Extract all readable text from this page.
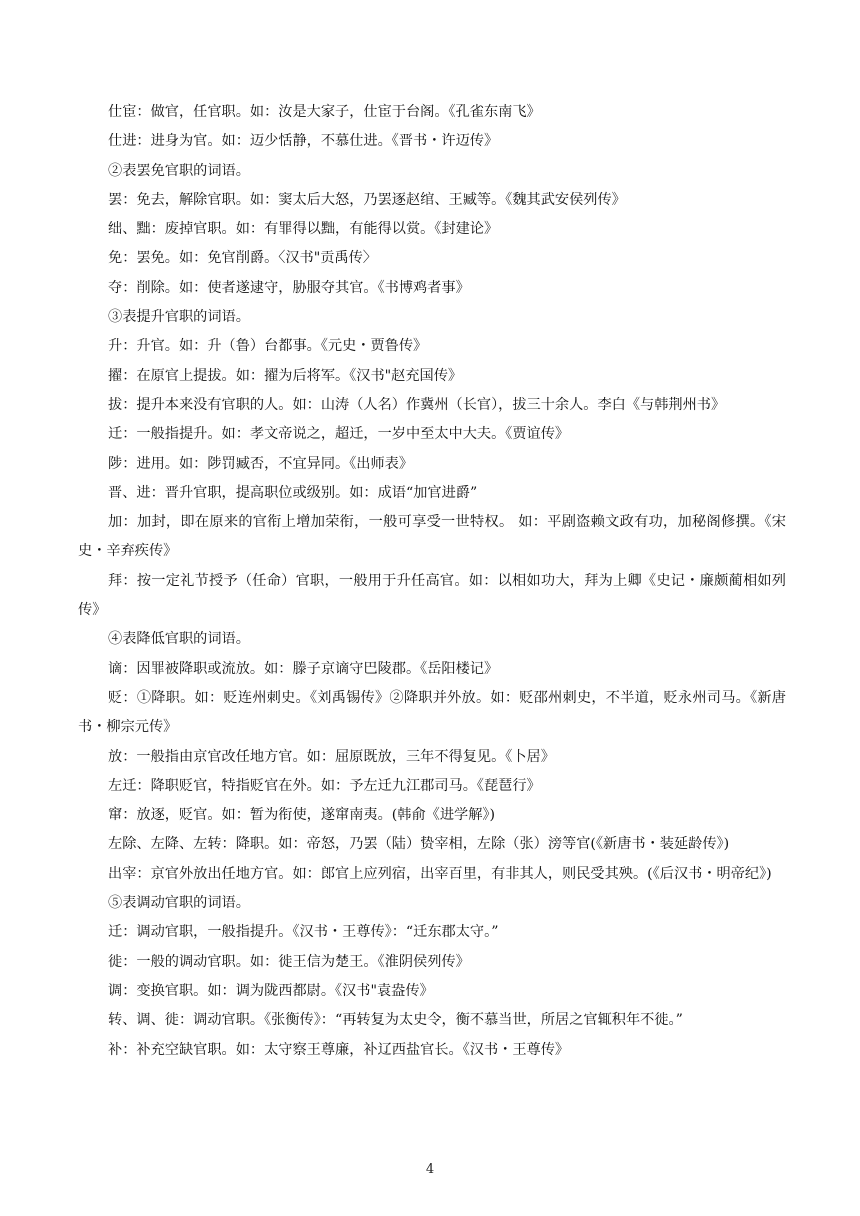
仕宦：做官，任官职。如：汝是大家子，仕宦于台阁。《孔雀东南飞》

仕进：进身为官。如：迈少恬静，不慕仕进。《晋书・许迈传》

②表罢免官职的词语。

罢：免去，解除官职。如：窦太后大怒，乃罢逐赵绾、王臧等。《魏其武安侯列传》

绌、黜：废掉官职。如：有罪得以黜，有能得以赏。《封建论》

免：罢免。如：免官削爵。〈汉书"贡禹传〉

夺：削除。如：使者遂逮守，胁服夺其官。《书博鸡者事》

③表提升官职的词语。

升：升官。如：升（鲁）台都事。《元史・贾鲁传》

擢：在原官上提拔。如：擢为后将军。《汉书"赵充国传》

拔：提升本来没有官职的人。如：山涛（人名）作冀州（长官），拔三十余人。李白《与韩荆州书》

迁：一般指提升。如：孝文帝说之，超迁，一岁中至太中大夫。《贾谊传》

陟：进用。如：陟罚臧否，不宜异同。《出师表》

晋、进：晋升官职，提高职位或级别。如：成语“加官进爵”

加：加封，即在原来的官衔上增加荣衔，一般可享受一世特权。 如：平剧盗赖文政有功，加秘阁修撰。《宋史・辛弃疾传》

拜：按一定礼节授予（任命）官职，一般用于升任高官。如：以相如功大，拜为上卿《史记・廉颇蔺相如列传》

④表降低官职的词语。

谪：因罪被降职或流放。如：滕子京谪守巴陵郡。《岳阳楼记》

贬：①降职。如：贬连州刺史。《刘禹锡传》②降职并外放。如：贬邵州刺史，不半道，贬永州司马。《新唐书・柳宗元传》

放：一般指由京官改任地方官。如：屈原既放，三年不得复见。《卜居》

左迁：降职贬官，特指贬官在外。如：予左迁九江郡司马。《琵琶行》

窜：放逐，贬官。如：暂为衔使，遂窜南夷。(韩俞《进学解》)

左除、左降、左转：降职。如：帝怒，乃罢（陆）贽宰相，左除（张）滂等官(《新唐书・装延龄传》)

出宰：京官外放出任地方官。如：郎官上应列宿，出宰百里，有非其人，则民受其殃。(《后汉书・明帝纪》)

⑤表调动官职的词语。

迁：调动官职，一般指提升。《汉书・王尊传》：“迁东郡太守。”

徙：一般的调动官职。如：徙王信为楚王。《淮阴侯列传》

调：变换官职。如：调为陇西都尉。《汉书"袁盎传》

转、调、徙：调动官职。《张衡传》：“再转复为太史令，衡不慕当世，所居之官辄积年不徙。”

补：补充空缺官职。如：太守察王尊廉，补辽西盐官长。《汉书・王尊传》

4
